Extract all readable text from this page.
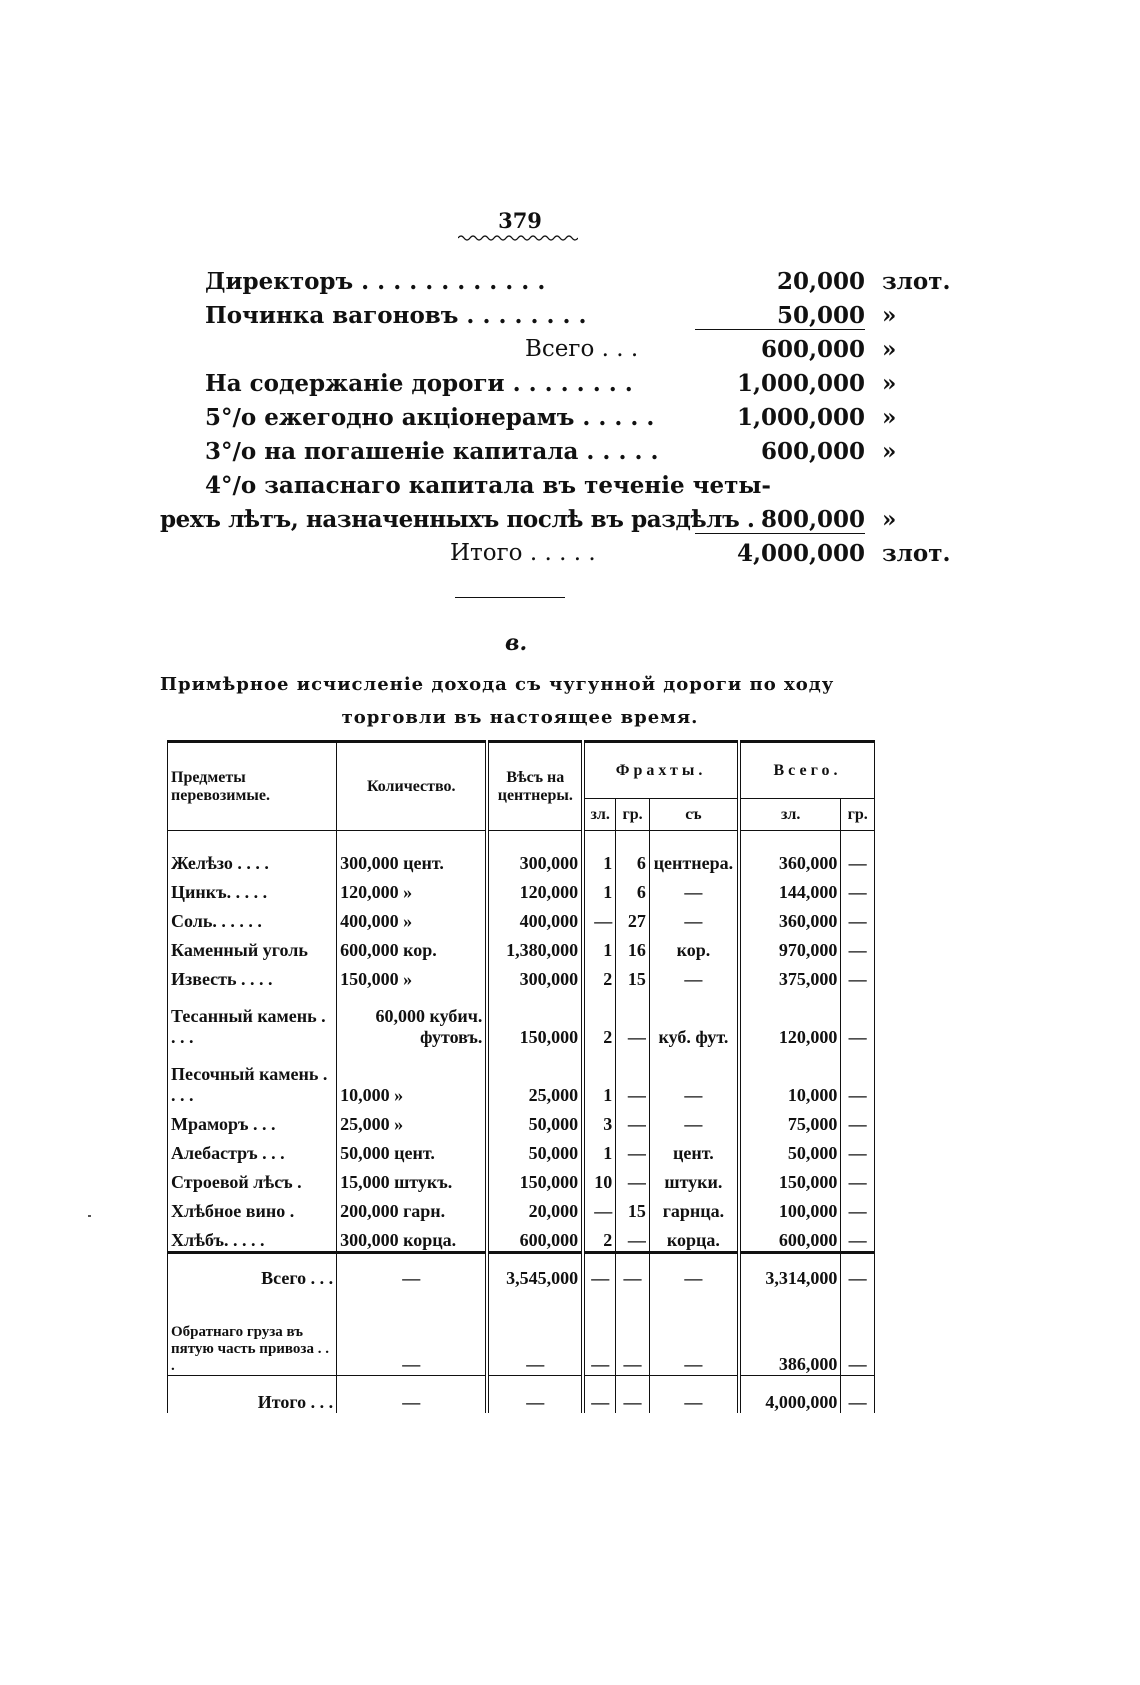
379
Директоръ . . . . . . . . . . . .	20,000 злот.
Починка вагоновъ . . . . . . . .	50,000 »
Всего . . .	600,000 »
На содержаніе дороги . . . . . . . .	1,000,000 »
5°/о ежегодно акціонерамъ . . . . .	1,000,000 »
3°/о на погашеніе капитала . . . . .	600,000 »
4°/о запаснаго капитала въ теченіе четы-
рехъ лѣтъ, назначенныхъ послѣ въ раздѣлъ . 800,000 »
Итого . . . . .	4,000,000 злот.
в.
Примѣрное исчисленіе дохода съ чугунной дороги по ходу
торговли въ настоящее время.
Предметы перевозимые.	Количество.	Вѣсъ на центнеры.	Фрахты.			Всего.	
			зл.	гр.	съ	зл.	гр.
Желѣзо . . . .	300,000 цент.	300,000	1	6	центнера.	360,000	—
Цинкъ. . . . .	120,000 »	120,000	1	6	—	144,000	—
Соль. . . . . .	400,000 »	400,000	—	27	—	360,000	—
Каменный уголь	600,000 кор.	1,380,000	1	16	кор.	970,000	—
Известь . . . .	150,000 »	300,000	2	15	—	375,000	—
Тесанный камень . . . .	60,000 кубич. футовъ.	150,000	2	—	куб. фут.	120,000	—
Песочный камень . . . .	10,000 »	25,000	1	—	—	10,000	—
Мраморъ . . .	25,000 »	50,000	3	—	—	75,000	—
Алебастръ . . .	50,000 цент.	50,000	1	—	цент.	50,000	—
Строевой лѣсъ .	15,000 штукъ.	150,000	10	—	штуки.	150,000	—
Хлѣбное вино .	200,000 гарн.	20,000	—	15	гарнца.	100,000	—
Хлѣбъ. . . . .	300,000 корца.	600,000	2	—	корца.	600,000	—
Всего . . .	—	3,545,000	—	—	—	3,314,000	—
Обратнаго груза въ пятую часть привоза . . .	—	—	—	—	—	386,000	—
Итого . . .	—	—	—	—	—	4,000,000	—
